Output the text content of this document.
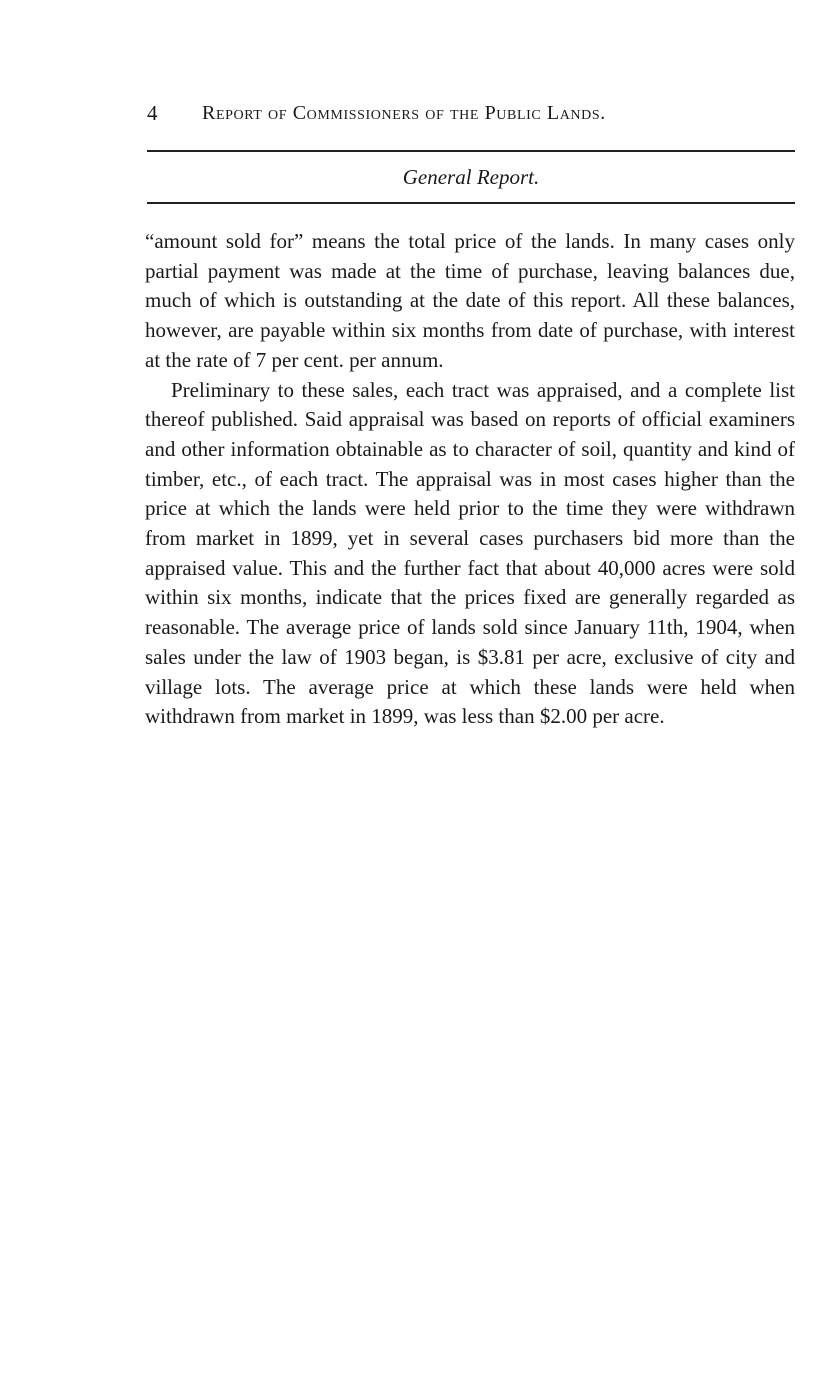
4 Report of Commissioners of the Public Lands.
General Report.

“amount sold for” means the total price of the lands. In many cases only partial payment was made at the time of purchase, leaving balances due, much of which is outstanding at the date of this report. All these balances, however, are payable within six months from date of purchase, with interest at the rate of 7 per cent. per annum.

Preliminary to these sales, each tract was appraised, and a complete list thereof published. Said appraisal was based on reports of official examiners and other information obtainable as to character of soil, quantity and kind of timber, etc., of each tract. The appraisal was in most cases higher than the price at which the lands were held prior to the time they were withdrawn from market in 1899, yet in several cases purchasers bid more than the appraised value. This and the further fact that about 40,000 acres were sold within six months, indicate that the prices fixed are generally regarded as reasonable. The average price of lands sold since January 11th, 1904, when sales under the law of 1903 began, is $3.81 per acre, exclusive of city and village lots. The average price at which these lands were held when withdrawn from market in 1899, was less than $2.00 per acre.
